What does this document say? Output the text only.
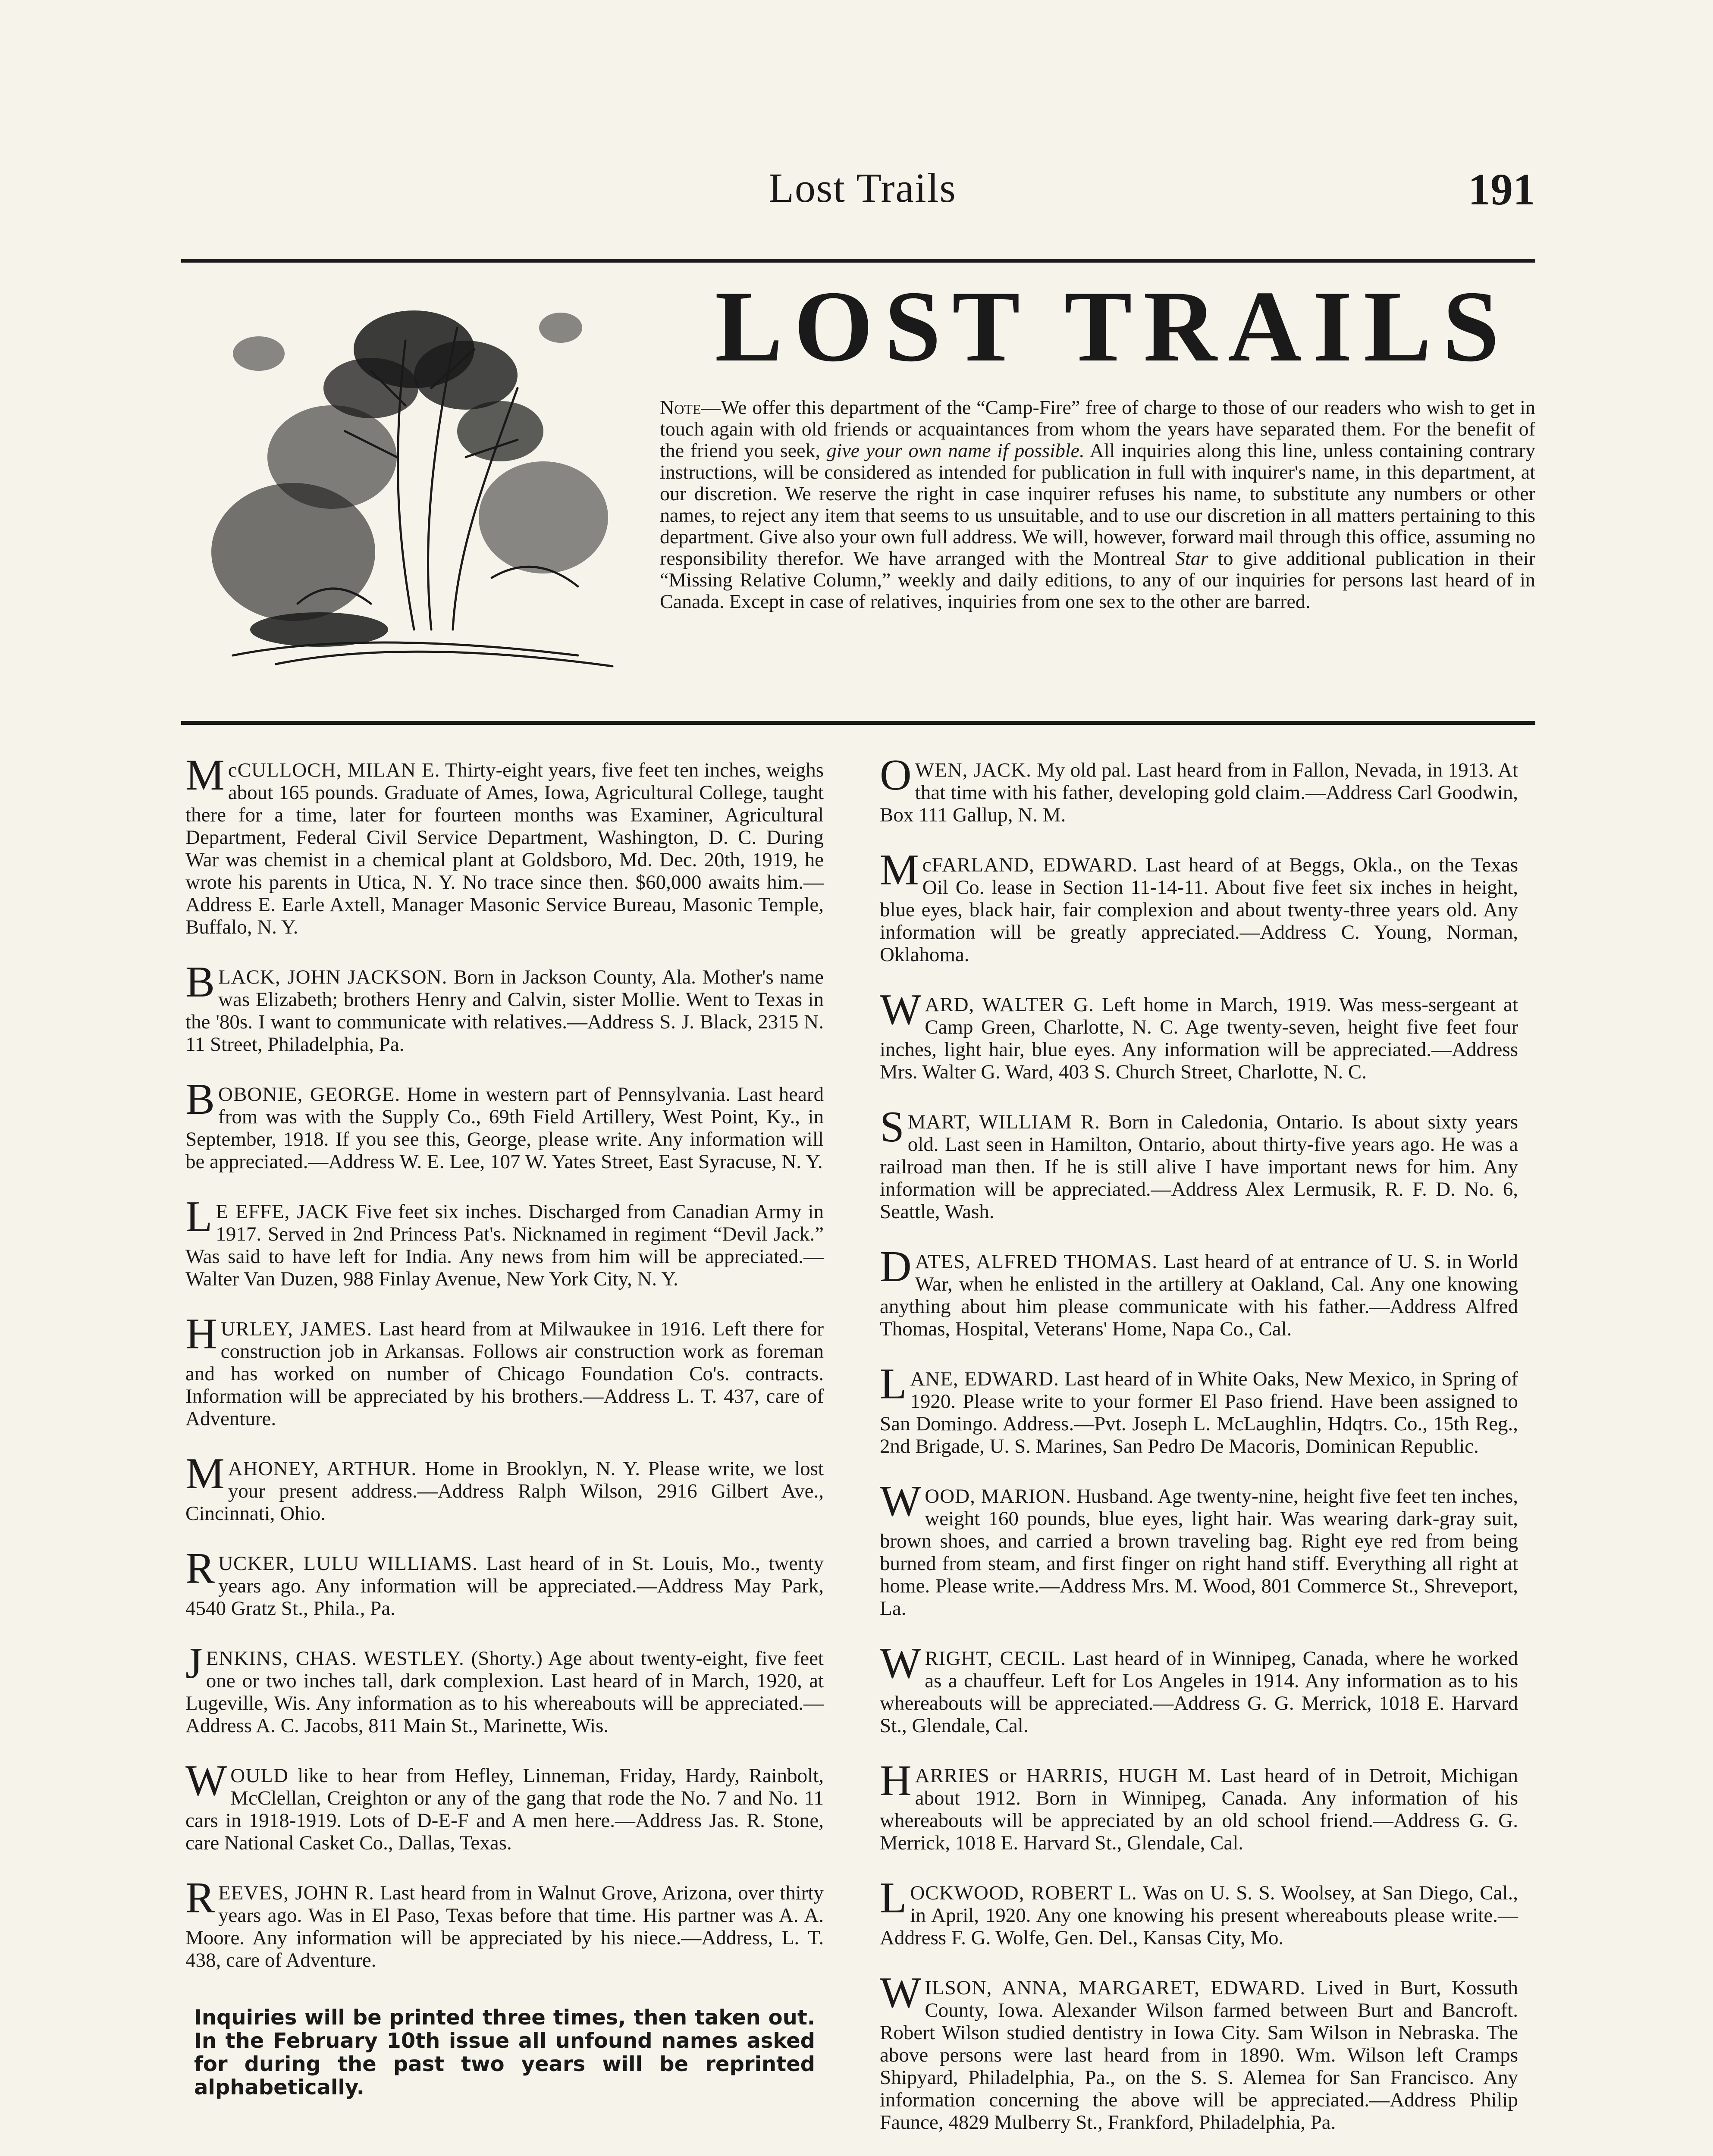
Lost Trails	191
LOST TRAILS
Note—We offer this department of the “Camp-Fire” free of charge to those of our readers who wish to get in touch again with old friends or acquaintances from whom the years have separated them. For the benefit of the friend you seek, give your own name if possible. All inquiries along this line, unless containing contrary instructions, will be considered as intended for publication in full with inquirer's name, in this department, at our discretion. We reserve the right in case inquirer refuses his name, to substitute any numbers or other names, to reject any item that seems to us unsuitable, and to use our discretion in all matters pertaining to this department. Give also your own full address. We will, however, forward mail through this office, assuming no responsibility therefor. We have arranged with the Montreal Star to give additional publication in their “Missing Relative Column,” weekly and daily editions, to any of our inquiries for persons last heard of in Canada. Except in case of relatives, inquiries from one sex to the other are barred.
McCULLOCH, MILAN E. Thirty-eight years, five feet ten inches, weighs about 165 pounds. Graduate of Ames, Iowa, Agricultural College, taught there for a time, later for fourteen months was Examiner, Agricultural Department, Federal Civil Service Department, Washington, D. C. During War was chemist in a chemical plant at Goldsboro, Md. Dec. 20th, 1919, he wrote his parents in Utica, N. Y. No trace since then. $60,000 awaits him.—Address E. Earle Axtell, Manager Masonic Service Bureau, Masonic Temple, Buffalo, N. Y.
BLACK, JOHN JACKSON. Born in Jackson County, Ala. Mother's name was Elizabeth; brothers Henry and Calvin, sister Mollie. Went to Texas in the '80s. I want to communicate with relatives.—Address S. J. Black, 2315 N. 11 Street, Philadelphia, Pa.
BOBONIE, GEORGE. Home in western part of Pennsylvania. Last heard from was with the Supply Co., 69th Field Artillery, West Point, Ky., in September, 1918. If you see this, George, please write. Any information will be appreciated.—Address W. E. Lee, 107 W. Yates Street, East Syracuse, N. Y.
L E EFFE, JACK Five feet six inches. Discharged from Canadian Army in 1917. Served in 2nd Princess Pat's. Nicknamed in regiment “Devil Jack.” Was said to have left for India. Any news from him will be appreciated.—Walter Van Duzen, 988 Finlay Avenue, New York City, N. Y.
HURLEY, JAMES. Last heard from at Milwaukee in 1916. Left there for construction job in Arkansas. Follows air construction work as foreman and has worked on number of Chicago Foundation Co's. contracts. Information will be appreciated by his brothers.—Address L. T. 437, care of Adventure.
MAHONEY, ARTHUR. Home in Brooklyn, N. Y. Please write, we lost your present address.—Address Ralph Wilson, 2916 Gilbert Ave., Cincinnati, Ohio.
RUCKER, LULU WILLIAMS. Last heard of in St. Louis, Mo., twenty years ago. Any information will be appreciated.—Address May Park, 4540 Gratz St., Phila., Pa.
JENKINS, CHAS. WESTLEY. (Shorty.) Age about twenty-eight, five feet one or two inches tall, dark complexion. Last heard of in March, 1920, at Lugeville, Wis. Any information as to his whereabouts will be appreciated.—Address A. C. Jacobs, 811 Main St., Marinette, Wis.
WOULD like to hear from Hefley, Linneman, Friday, Hardy, Rainbolt, McClellan, Creighton or any of the gang that rode the No. 7 and No. 11 cars in 1918-1919. Lots of D-E-F and A men here.—Address Jas. R. Stone, care National Casket Co., Dallas, Texas.
REEVES, JOHN R. Last heard from in Walnut Grove, Arizona, over thirty years ago. Was in El Paso, Texas before that time. His partner was A. A. Moore. Any information will be appreciated by his niece.—Address, L. T. 438, care of Adventure.
Inquiries will be printed three times, then taken out. In the February 10th issue all unfound names asked for during the past two years will be reprinted alphabetically.
OWEN, JACK. My old pal. Last heard from in Fallon, Nevada, in 1913. At that time with his father, developing gold claim.—Address Carl Goodwin, Box 111 Gallup, N. M.
McFARLAND, EDWARD. Last heard of at Beggs, Okla., on the Texas Oil Co. lease in Section 11-14-11. About five feet six inches in height, blue eyes, black hair, fair complexion and about twenty-three years old. Any information will be greatly appreciated.—Address C. Young, Norman, Oklahoma.
WARD, WALTER G. Left home in March, 1919. Was mess-sergeant at Camp Green, Charlotte, N. C. Age twenty-seven, height five feet four inches, light hair, blue eyes. Any information will be appreciated.—Address Mrs. Walter G. Ward, 403 S. Church Street, Charlotte, N. C.
SMART, WILLIAM R. Born in Caledonia, Ontario. Is about sixty years old. Last seen in Hamilton, Ontario, about thirty-five years ago. He was a railroad man then. If he is still alive I have important news for him. Any information will be appreciated.—Address Alex Lermusik, R. F. D. No. 6, Seattle, Wash.
DATES, ALFRED THOMAS. Last heard of at entrance of U. S. in World War, when he enlisted in the artillery at Oakland, Cal. Any one knowing anything about him please communicate with his father.—Address Alfred Thomas, Hospital, Veterans' Home, Napa Co., Cal.
LANE, EDWARD. Last heard of in White Oaks, New Mexico, in Spring of 1920. Please write to your former El Paso friend. Have been assigned to San Domingo. Address.—Pvt. Joseph L. McLaughlin, Hdqtrs. Co., 15th Reg., 2nd Brigade, U. S. Marines, San Pedro De Macoris, Dominican Republic.
WOOD, MARION. Husband. Age twenty-nine, height five feet ten inches, weight 160 pounds, blue eyes, light hair. Was wearing dark-gray suit, brown shoes, and carried a brown traveling bag. Right eye red from being burned from steam, and first finger on right hand stiff. Everything all right at home. Please write.—Address Mrs. M. Wood, 801 Commerce St., Shreveport, La.
WRIGHT, CECIL. Last heard of in Winnipeg, Canada, where he worked as a chauffeur. Left for Los Angeles in 1914. Any information as to his whereabouts will be appreciated.—Address G. G. Merrick, 1018 E. Harvard St., Glendale, Cal.
HARRIES or HARRIS, HUGH M. Last heard of in Detroit, Michigan about 1912. Born in Winnipeg, Canada. Any information of his whereabouts will be appreciated by an old school friend.—Address G. G. Merrick, 1018 E. Harvard St., Glendale, Cal.
LOCKWOOD, ROBERT L. Was on U. S. S. Woolsey, at San Diego, Cal., in April, 1920. Any one knowing his present whereabouts please write.—Address F. G. Wolfe, Gen. Del., Kansas City, Mo.
WILSON, ANNA, MARGARET, EDWARD. Lived in Burt, Kossuth County, Iowa. Alexander Wilson farmed between Burt and Bancroft. Robert Wilson studied dentistry in Iowa City. Sam Wilson in Nebraska. The above persons were last heard from in 1890. Wm. Wilson left Cramps Shipyard, Philadelphia, Pa., on the S. S. Alemea for San Francisco. Any information concerning the above will be appreciated.—Address Philip Faunce, 4829 Mulberry St., Frankford, Philadelphia, Pa.
